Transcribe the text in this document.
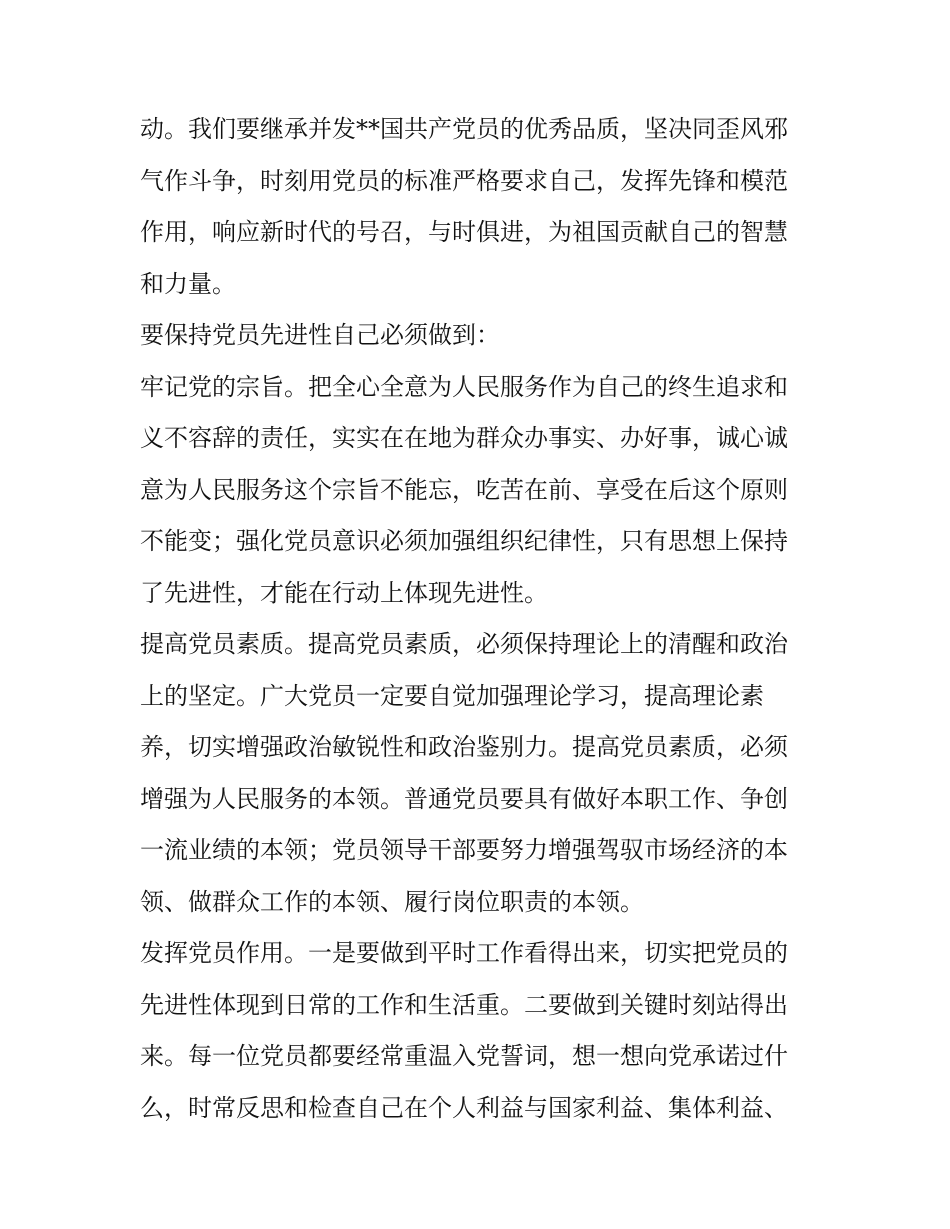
动。我们要继承并发**国共产党员的优秀品质，坚决同歪风邪
气作斗争，时刻用党员的标准严格要求自己，发挥先锋和模范
作用，响应新时代的号召，与时俱进，为祖国贡献自己的智慧
和力量。
要保持党员先进性自己必须做到：
牢记党的宗旨。把全心全意为人民服务作为自己的终生追求和
义不容辞的责任，实实在在地为群众办事实、办好事，诚心诚
意为人民服务这个宗旨不能忘，吃苦在前、享受在后这个原则
不能变；强化党员意识必须加强组织纪律性，只有思想上保持
了先进性，才能在行动上体现先进性。
提高党员素质。提高党员素质，必须保持理论上的清醒和政治
上的坚定。广大党员一定要自觉加强理论学习，提高理论素
养，切实增强政治敏锐性和政治鉴别力。提高党员素质，必须
增强为人民服务的本领。普通党员要具有做好本职工作、争创
一流业绩的本领；党员领导干部要努力增强驾驭市场经济的本
领、做群众工作的本领、履行岗位职责的本领。
发挥党员作用。一是要做到平时工作看得出来，切实把党员的
先进性体现到日常的工作和生活重。二要做到关键时刻站得出
来。每一位党员都要经常重温入党誓词，想一想向党承诺过什
么，时常反思和检查自己在个人利益与国家利益、集体利益、
